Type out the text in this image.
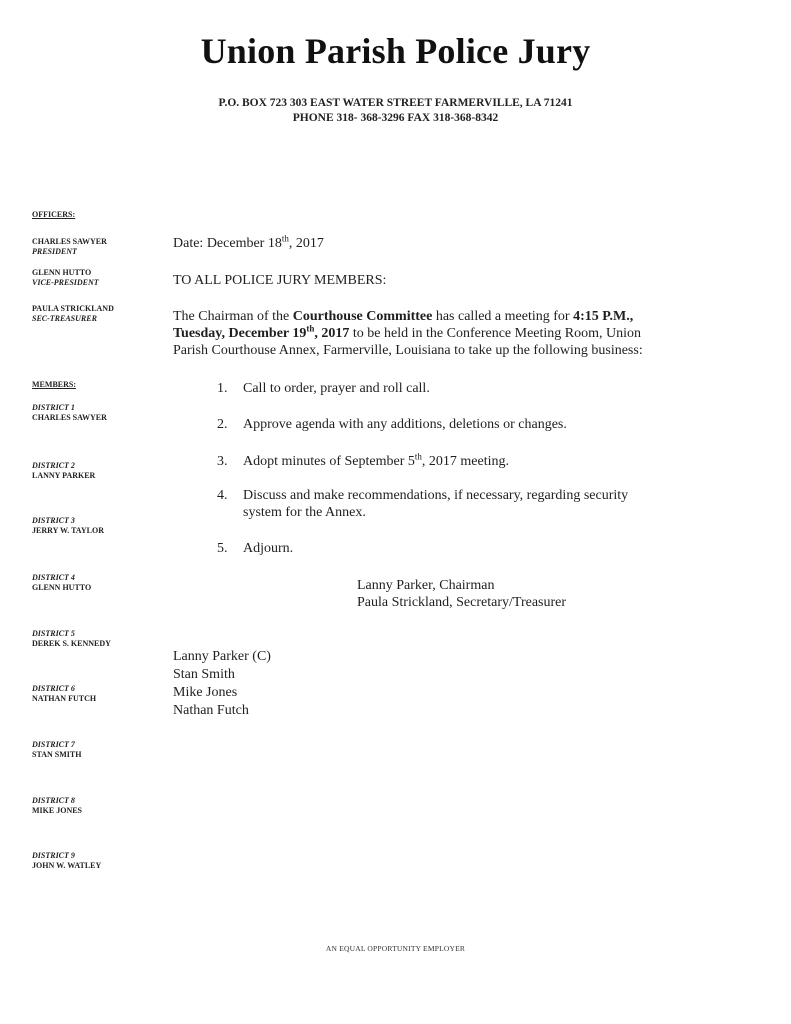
Union Parish Police Jury
P.O. BOX 723 303 EAST WATER STREET FARMERVILLE, LA 71241
PHONE 318- 368-3296 FAX 318-368-8342
OFFICERS:
CHARLES SAWYER
PRESIDENT
GLENN HUTTO
VICE-PRESIDENT
PAULA STRICKLAND
SEC-TREASURER
MEMBERS:
DISTRICT 1
CHARLES SAWYER
DISTRICT 2
LANNY PARKER
DISTRICT 3
JERRY W. TAYLOR
DISTRICT 4
GLENN HUTTO
DISTRICT 5
DEREK S. KENNEDY
DISTRICT 6
NATHAN FUTCH
DISTRICT 7
STAN SMITH
DISTRICT 8
MIKE JONES
DISTRICT 9
JOHN W. WATLEY
Date: December 18th, 2017
TO ALL POLICE JURY MEMBERS:
The Chairman of the Courthouse Committee has called a meeting for 4:15 P.M., Tuesday, December 19th, 2017 to be held in the Conference Meeting Room, Union Parish Courthouse Annex, Farmerville, Louisiana to take up the following business:
1. Call to order, prayer and roll call.
2. Approve agenda with any additions, deletions or changes.
3. Adopt minutes of September 5th, 2017 meeting.
4. Discuss and make recommendations, if necessary, regarding security system for the Annex.
5. Adjourn.
Lanny Parker, Chairman
Paula Strickland, Secretary/Treasurer
Lanny Parker (C)
Stan Smith
Mike Jones
Nathan Futch
AN EQUAL OPPORTUNITY EMPLOYER
